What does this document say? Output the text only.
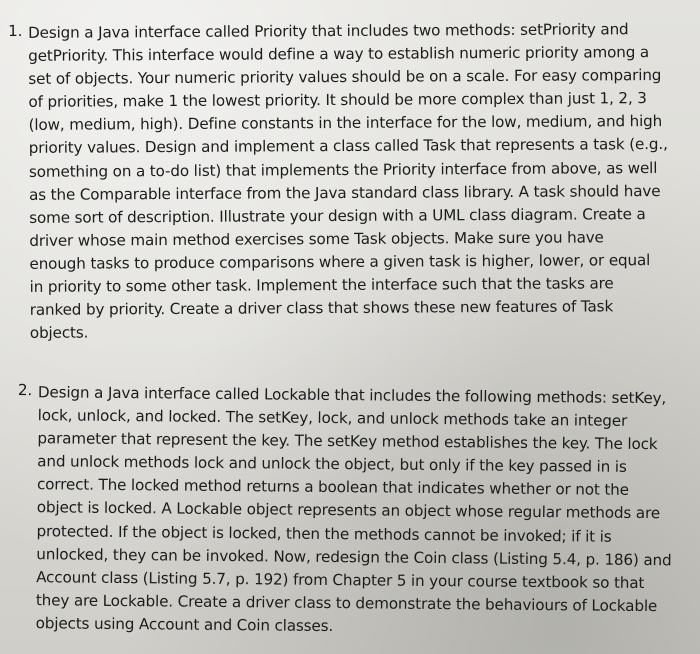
1. Design a Java interface called Priority that includes two methods: setPriority and
getPriority. This interface would define a way to establish numeric priority among a
set of objects. Your numeric priority values should be on a scale. For easy comparing
of priorities, make 1 the lowest priority. It should be more complex than just 1, 2, 3
(low, medium, high). Define constants in the interface for the low, medium, and high
priority values. Design and implement a class called Task that represents a task (e.g.,
something on a to-do list) that implements the Priority interface from above, as well
as the Comparable interface from the Java standard class library. A task should have
some sort of description. Illustrate your design with a UML class diagram. Create a
driver whose main method exercises some Task objects. Make sure you have
enough tasks to produce comparisons where a given task is higher, lower, or equal
in priority to some other task. Implement the interface such that the tasks are
ranked by priority. Create a driver class that shows these new features of Task
objects.
2. Design a Java interface called Lockable that includes the following methods: setKey,
lock, unlock, and locked. The setKey, lock, and unlock methods take an integer
parameter that represent the key. The setKey method establishes the key. The lock
and unlock methods lock and unlock the object, but only if the key passed in is
correct. The locked method returns a boolean that indicates whether or not the
object is locked. A Lockable object represents an object whose regular methods are
protected. If the object is locked, then the methods cannot be invoked; if it is
unlocked, they can be invoked. Now, redesign the Coin class (Listing 5.4, p. 186) and
Account class (Listing 5.7, p. 192) from Chapter 5 in your course textbook so that
they are Lockable. Create a driver class to demonstrate the behaviours of Lockable
objects using Account and Coin classes.
